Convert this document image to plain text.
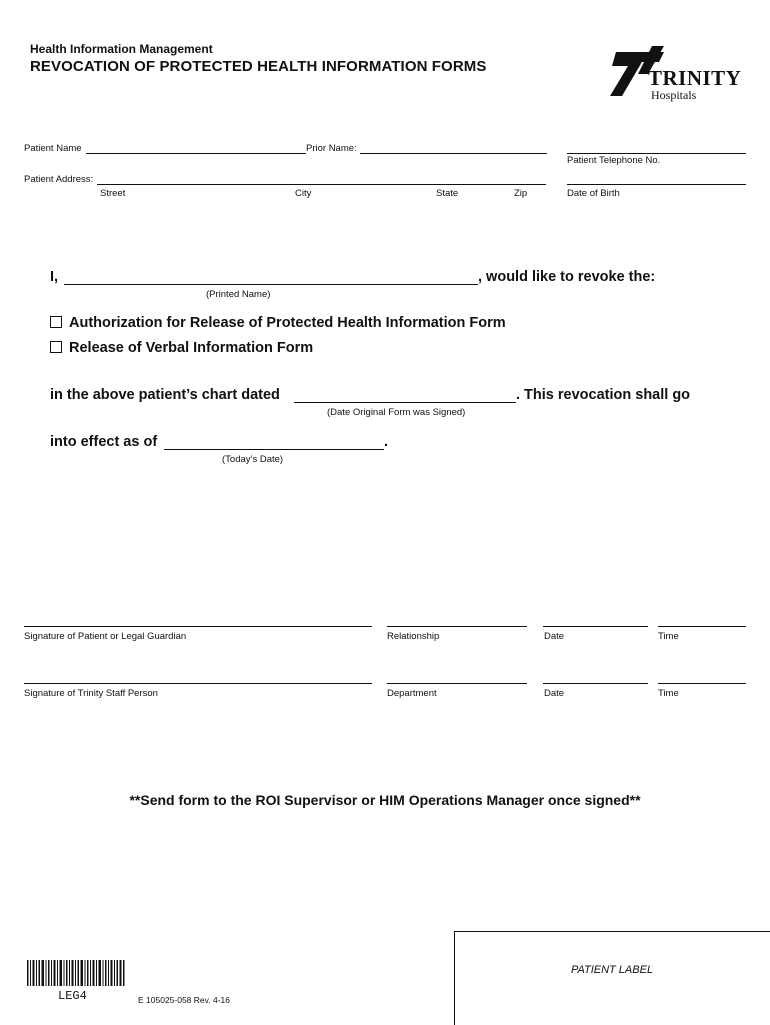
Health Information Management
REVOCATION OF PROTECTED HEALTH INFORMATION FORMS	TRINITY
Hospitals
Patient Name	Prior Name:
Patient Telephone No.
Patient Address:
Street	City	State	Zip	Date of Birth
I,	, would like to revoke the:
(Printed Name)
Authorization for Release of Protected Health Information Form
Release of Verbal Information Form
in the above patient’s chart dated	. This revocation shall go
(Date Original Form was Signed)
into effect as of	.
(Today’s Date)
Signature of Patient or Legal Guardian	Relationship	Date	Time
Signature of Trinity Staff Person	Department	Date	Time
**Send form to the ROI Supervisor or HIM Operations Manager once signed**
LEG4	E 105025-058 Rev. 4-16
PATIENT LABEL
